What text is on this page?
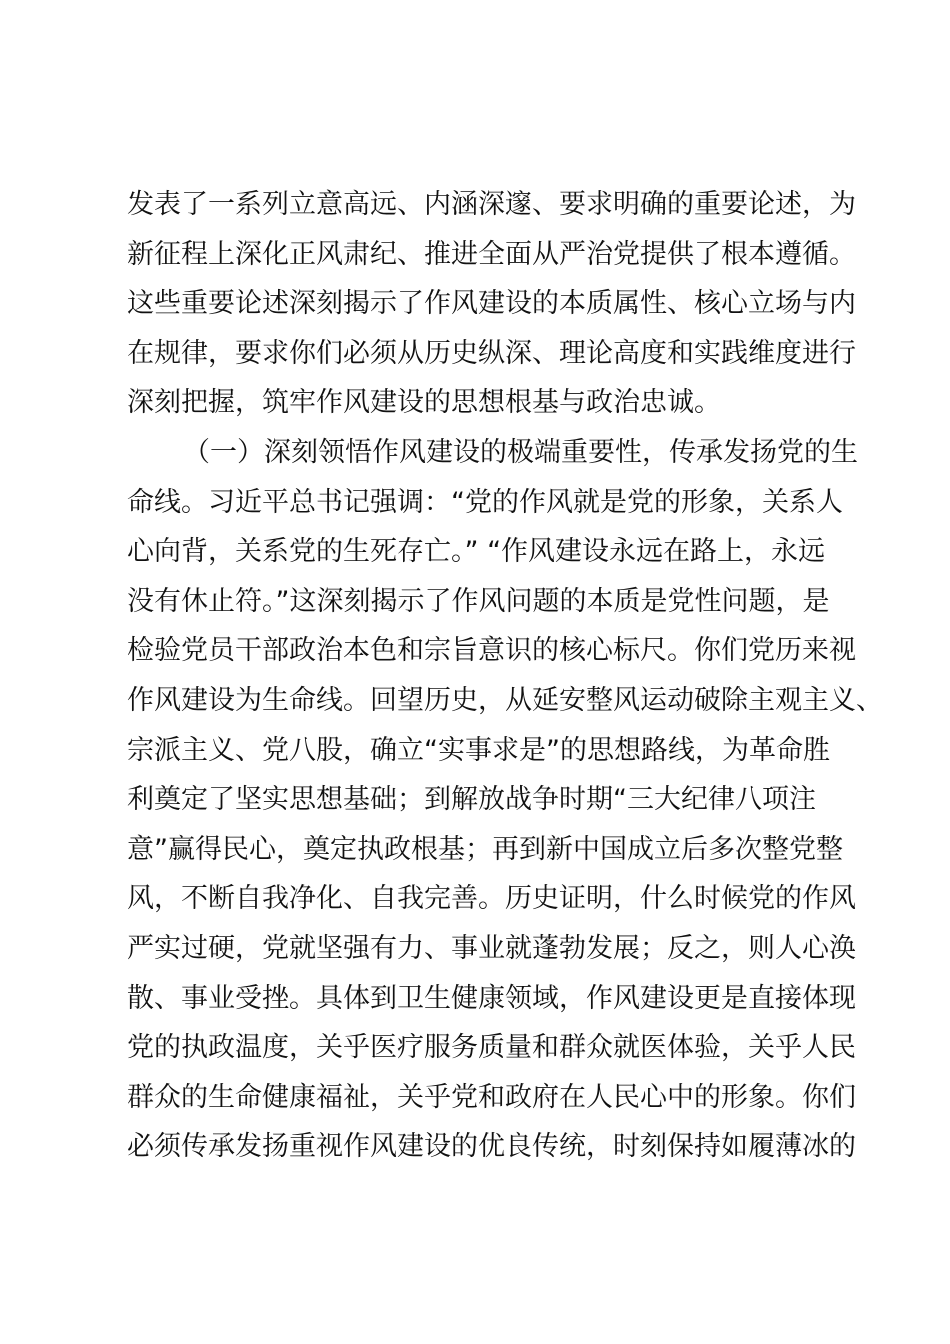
发表了一系列立意高远、内涵深邃、要求明确的重要论述，为
新征程上深化正风肃纪、推进全面从严治党提供了根本遵循。
这些重要论述深刻揭示了作风建设的本质属性、核心立场与内
在规律，要求你们必须从历史纵深、理论高度和实践维度进行
深刻把握，筑牢作风建设的思想根基与政治忠诚。
（一）深刻领悟作风建设的极端重要性，传承发扬党的生
命线。习近平总书记强调：“党的作风就是党的形象，关系人
心向背，关系党的生死存亡。” “作风建设永远在路上，永远
没有休止符。”这深刻揭示了作风问题的本质是党性问题，是
检验党员干部政治本色和宗旨意识的核心标尺。你们党历来视
作风建设为生命线。回望历史，从延安整风运动破除主观主义、
宗派主义、党八股，确立“实事求是”的思想路线，为革命胜
利奠定了坚实思想基础；到解放战争时期“三大纪律八项注
意”赢得民心，奠定执政根基；再到新中国成立后多次整党整
风，不断自我净化、自我完善。历史证明，什么时候党的作风
严实过硬，党就坚强有力、事业就蓬勃发展；反之，则人心涣
散、事业受挫。具体到卫生健康领域，作风建设更是直接体现
党的执政温度，关乎医疗服务质量和群众就医体验，关乎人民
群众的生命健康福祉，关乎党和政府在人民心中的形象。你们
必须传承发扬重视作风建设的优良传统，时刻保持如履薄冰的
